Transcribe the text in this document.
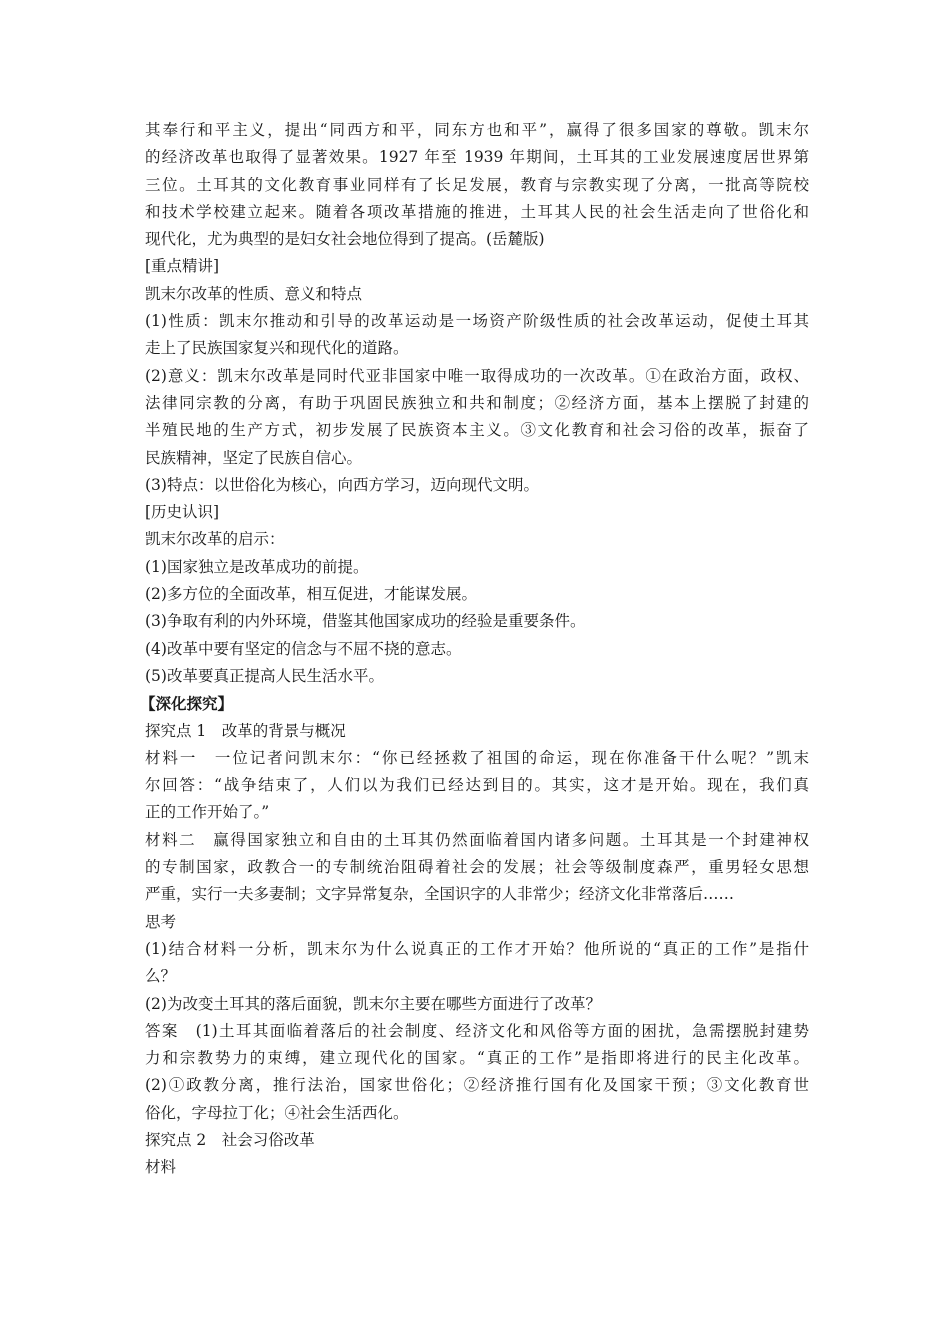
其奉行和平主义，提出“同西方和平，同东方也和平”，赢得了很多国家的尊敬。凯末尔
的经济改革也取得了显著效果。1927 年至 1939 年期间，土耳其的工业发展速度居世界第
三位。土耳其的文化教育事业同样有了长足发展，教育与宗教实现了分离，一批高等院校
和技术学校建立起来。随着各项改革措施的推进，土耳其人民的社会生活走向了世俗化和
现代化，尤为典型的是妇女社会地位得到了提高。(岳麓版)
[重点精讲]
凯末尔改革的性质、意义和特点
(1)性质：凯末尔推动和引导的改革运动是一场资产阶级性质的社会改革运动，促使土耳其
走上了民族国家复兴和现代化的道路。
(2)意义：凯末尔改革是同时代亚非国家中唯一取得成功的一次改革。①在政治方面，政权、
法律同宗教的分离，有助于巩固民族独立和共和制度；②经济方面，基本上摆脱了封建的
半殖民地的生产方式，初步发展了民族资本主义。③文化教育和社会习俗的改革，振奋了
民族精神，坚定了民族自信心。
(3)特点：以世俗化为核心，向西方学习，迈向现代文明。
[历史认识]
凯末尔改革的启示：
(1)国家独立是改革成功的前提。
(2)多方位的全面改革，相互促进，才能谋发展。
(3)争取有利的内外环境，借鉴其他国家成功的经验是重要条件。
(4)改革中要有坚定的信念与不屈不挠的意志。
(5)改革要真正提高人民生活水平。
【深化探究】
探究点 1　改革的背景与概况
材料一　一位记者问凯末尔：“你已经拯救了祖国的命运，现在你准备干什么呢？”凯末
尔回答：“战争结束了，人们以为我们已经达到目的。其实，这才是开始。现在，我们真
正的工作开始了。”
材料二　赢得国家独立和自由的土耳其仍然面临着国内诸多问题。土耳其是一个封建神权
的专制国家，政教合一的专制统治阻碍着社会的发展；社会等级制度森严，重男轻女思想
严重，实行一夫多妻制；文字异常复杂，全国识字的人非常少；经济文化非常落后……
思考
(1)结合材料一分析，凯末尔为什么说真正的工作才开始？他所说的“真正的工作”是指什
么？
(2)为改变土耳其的落后面貌，凯末尔主要在哪些方面进行了改革？
答案　(1)土耳其面临着落后的社会制度、经济文化和风俗等方面的困扰，急需摆脱封建势
力和宗教势力的束缚，建立现代化的国家。“真正的工作”是指即将进行的民主化改革。
(2)①政教分离，推行法治，国家世俗化；②经济推行国有化及国家干预；③文化教育世
俗化，字母拉丁化；④社会生活西化。
探究点 2　社会习俗改革
材料
